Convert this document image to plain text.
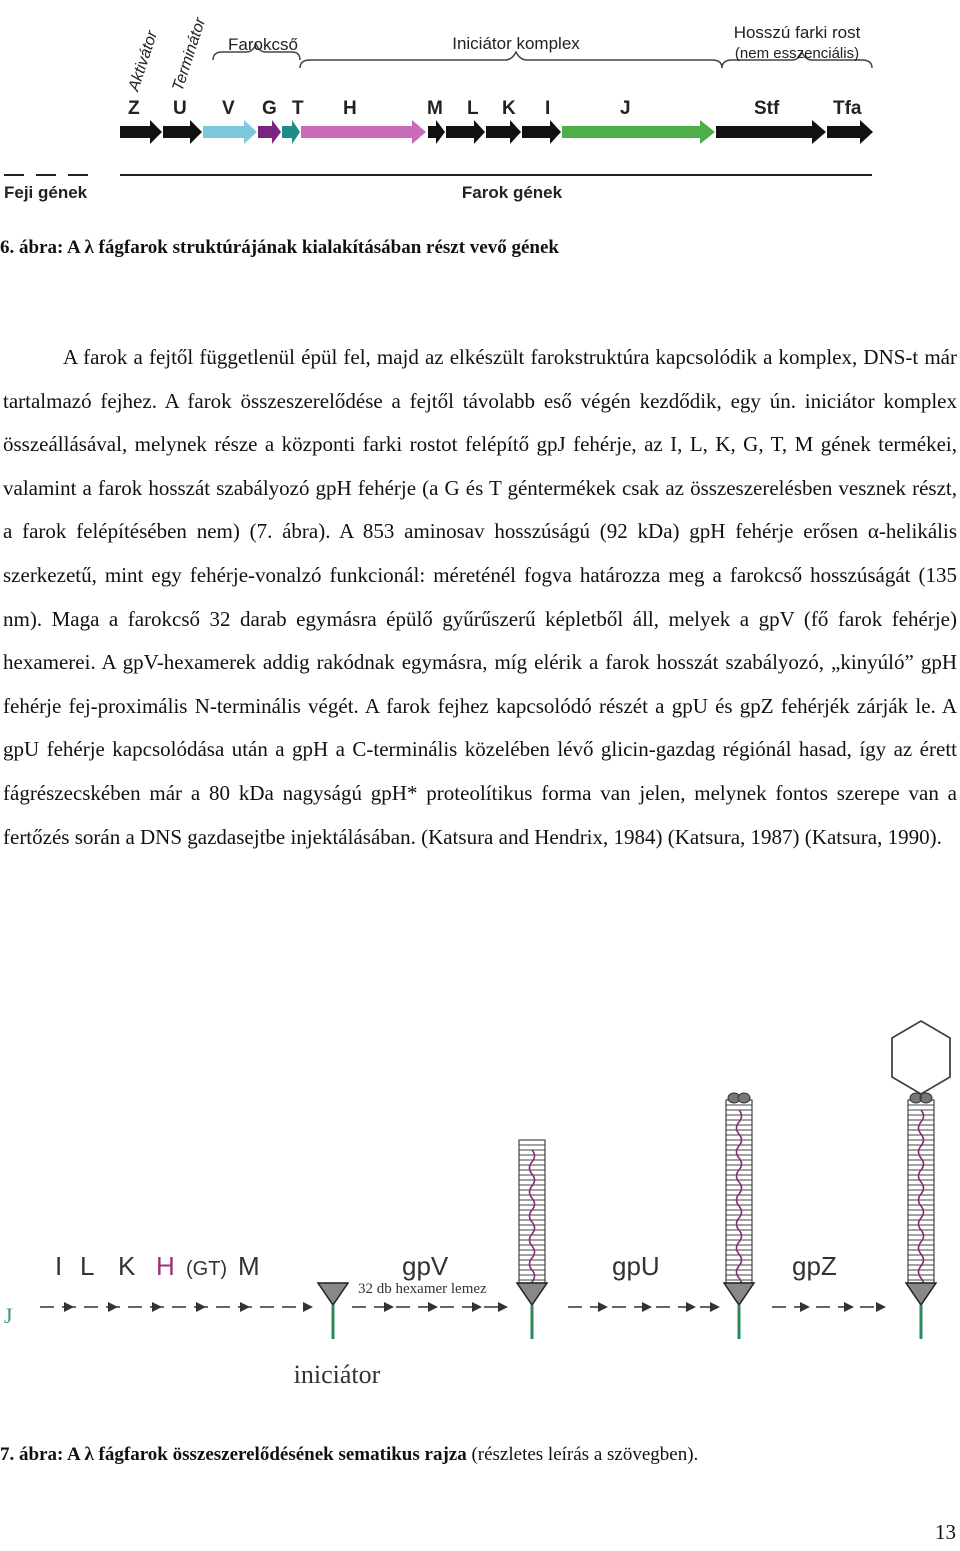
Aktivátor Terminátor Farokcső	Iniciátor komplex
Hosszú farki rost
(nem esszenciális)
Z U V G T H	M L K I	J	Stf	Tfa
Feji gének	Farok gének
6. ábra: A λ fágfarok struktúrájának kialakításában részt vevő gének

A farok a fejtől függetlenül épül fel, majd az elkészült farokstruktúra kapcsolódik a komplex, DNS-t már tartalmazó fejhez. A farok összeszerelődése a fejtől távolabb eső végén kezdődik, egy ún. iniciátor komplex összeállásával, melynek része a központi farki rostot felépítő gpJ fehérje, az I, L, K, G, T, M gének termékei, valamint a farok hosszát szabályozó gpH fehérje (a G és T géntermékek csak az összeszerelésben vesznek részt, a farok felépítésében nem) (7. ábra). A 853 aminosav hosszúságú (92 kDa) gpH fehérje erősen α-helikális szerkezetű, mint egy fehérje-vonalzó funkcionál: méreténél fogva határozza meg a farokcső hosszúságát (135 nm). Maga a farokcső 32 darab egymásra épülő gyűrűszerű képletből áll, melyek a gpV (fő farok fehérje) hexamerei. A gpV-hexamerek addig rakódnak egymásra, míg elérik a farok hosszát szabályozó, „kinyúló” gpH fehérje fej-proximális N-terminális végét. A farok fejhez kapcsolódó részét a gpU és gpZ fehérjék zárják le. A gpU fehérje kapcsolódása után a gpH a C-terminális közelében lévő glicin-gazdag régiónál hasad, így az érett fágrészecskében már a 80 kDa nagyságú gpH* proteolítikus forma van jelen, melynek fontos szerepe van a fertőzés során a DNS gazdasejtbe injektálásában. (Katsura and Hendrix, 1984) (Katsura, 1987) (Katsura, 1990).

J
I L K H (GT) M	gpV	gpU	gpZ
32 db hexamer lemez
iniciátor
7. ábra: A λ fágfarok összeszerelődésének sematikus rajza (részletes leírás a szövegben).
13
